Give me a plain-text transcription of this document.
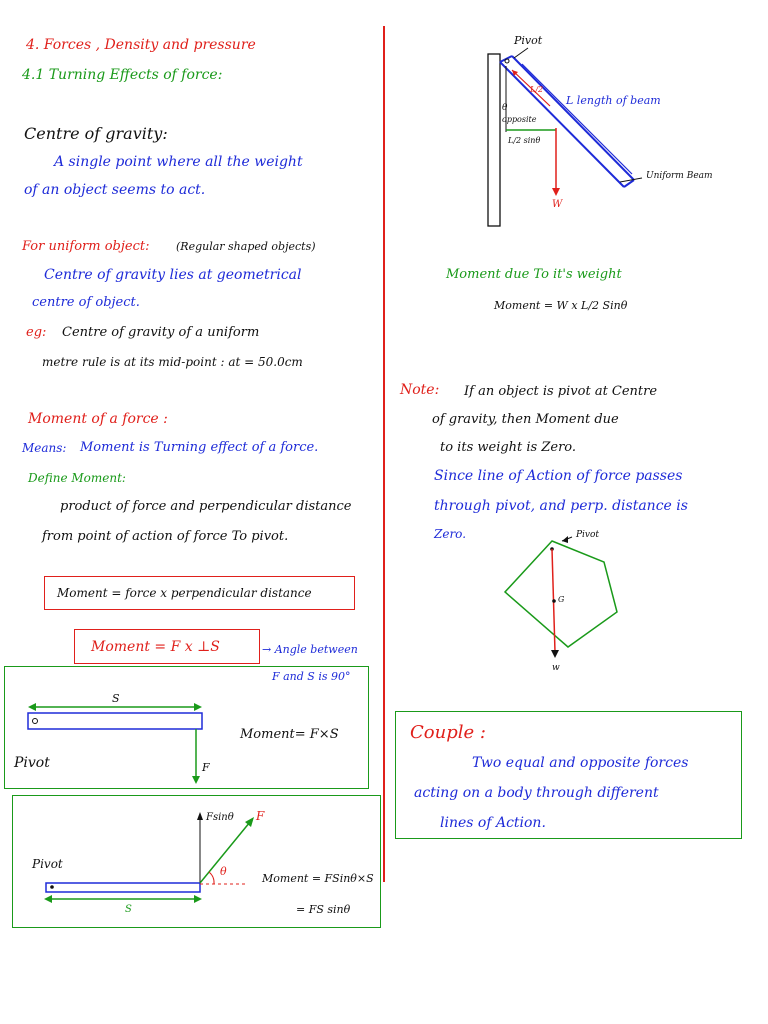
4. Forces , Density and pressure
4.1 Turning Effects of force:
Centre of gravity:
A single point where all the weight
of an object seems to act.
For uniform object: (Regular shaped objects)
Centre of gravity lies at geometrical
centre of object.
eg: Centre of gravity of a uniform
metre rule is at its mid-point : at = 50.0cm
Moment of a force :
Means: Moment is Turning effect of a force.
Define Moment:
product of force and perpendicular distance
from point of action of force To pivot.
Moment = force x perpendicular distance
Moment = F x ⊥S	→ Angle between
F and S is 90°
S
Pivot	F
Moment= F×S
Fsinθ F
θ
Pivot
S
Moment = FSinθ×S
= FS sinθ
Pivot
L/2
L length of beam
θ
opposite
L/2 sinθ
W
Uniform Beam
Moment due To it's weight
Moment = W x L/2 Sinθ
Note: If an object is pivot at Centre
of gravity, then Moment due
to its weight is Zero.
Since line of Action of force passes
through pivot, and perp. distance is
Zero.	Pivot
G
w
Couple :
Two equal and opposite forces
acting on a body through different
lines of Action.
